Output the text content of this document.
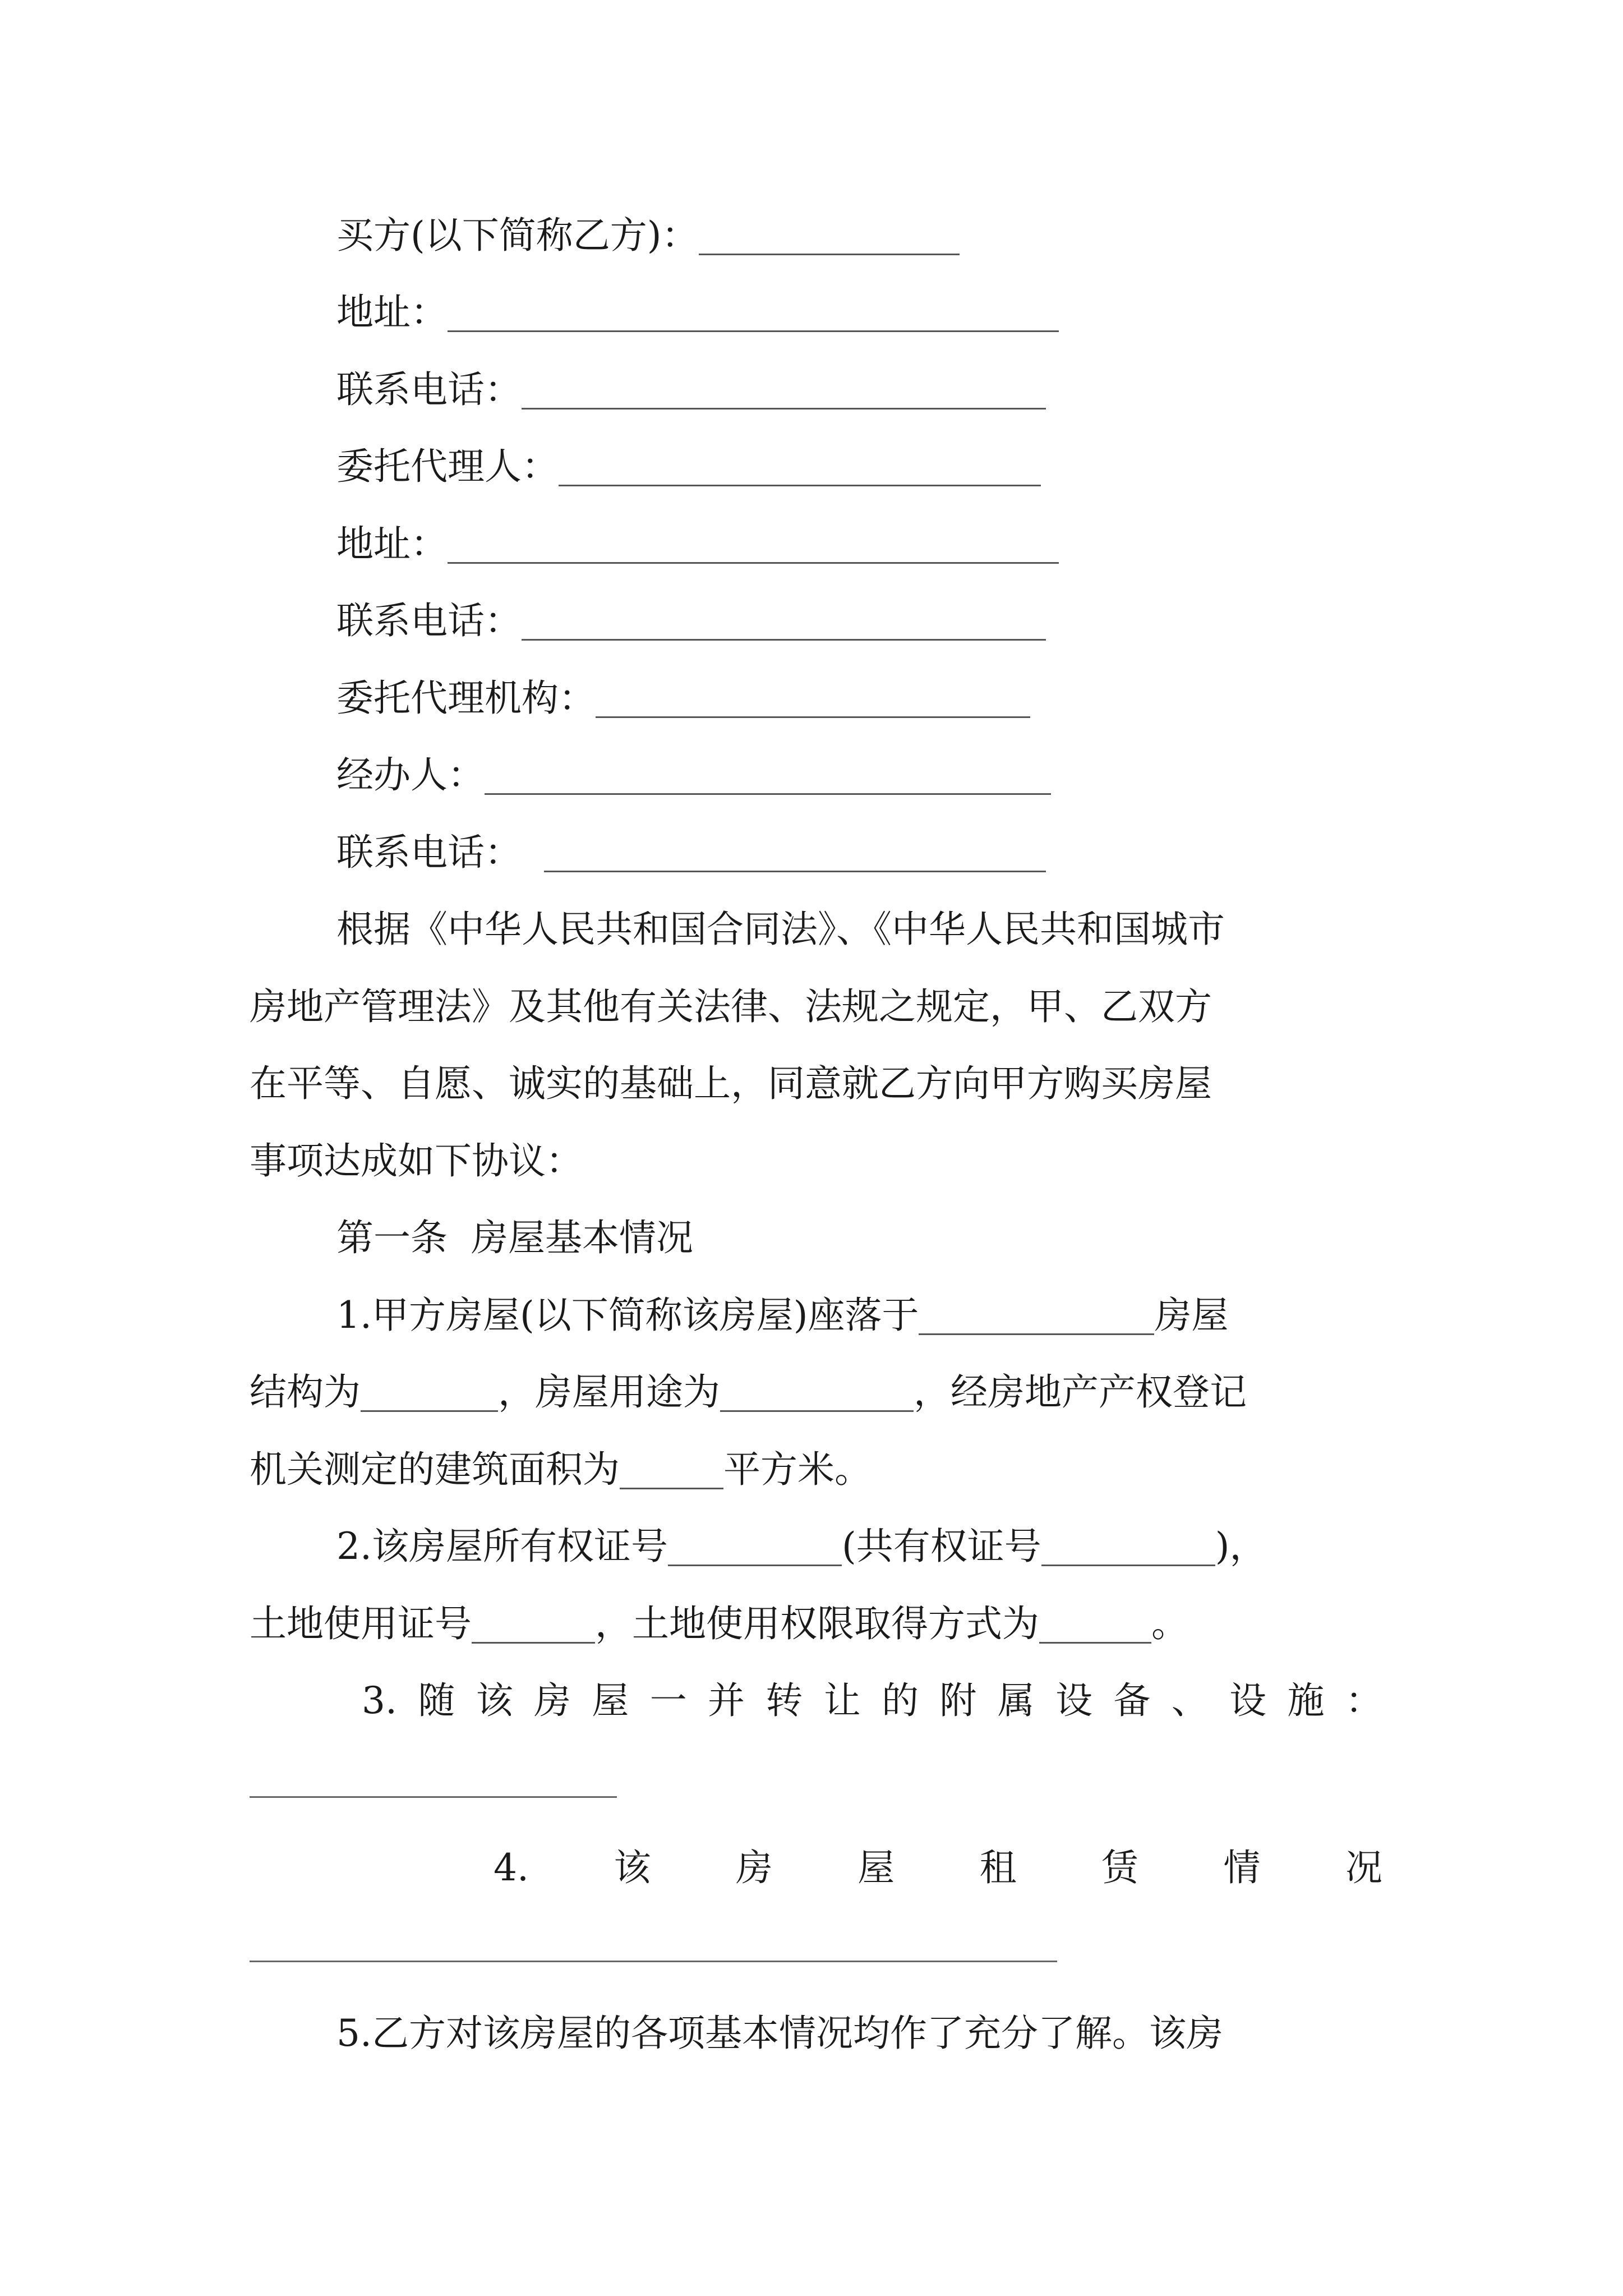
买方(以下简称乙方)：
地址：
联系电话：
委托代理人：
地址：
联系电话：
委托代理机构：
经办人：
联系电话：
根据《中华人民共和国合同法》、《中华人民共和国城市
房地产管理法》及其他有关法律、法规之规定，甲、乙双方
在平等、自愿、诚实的基础上，同意就乙方向甲方购买房屋
事项达成如下协议：
第一条  房屋基本情况
1.甲方房屋(以下简称该房屋)座落于	房屋
结构为	，房屋用途为	，经房地产产权登记
机关测定的建筑面积为	平方米。
2.该房屋所有权证号	(共有权证号	)，
土地使用证号	，土地使用权限取得方式为	。
3. 随 该 房 屋 一 并 转 让 的 附 属 设 备 、 设 施 ：
4. 该 房 屋 租 赁 情 况
5.乙方对该房屋的各项基本情况均作了充分了解。该房
